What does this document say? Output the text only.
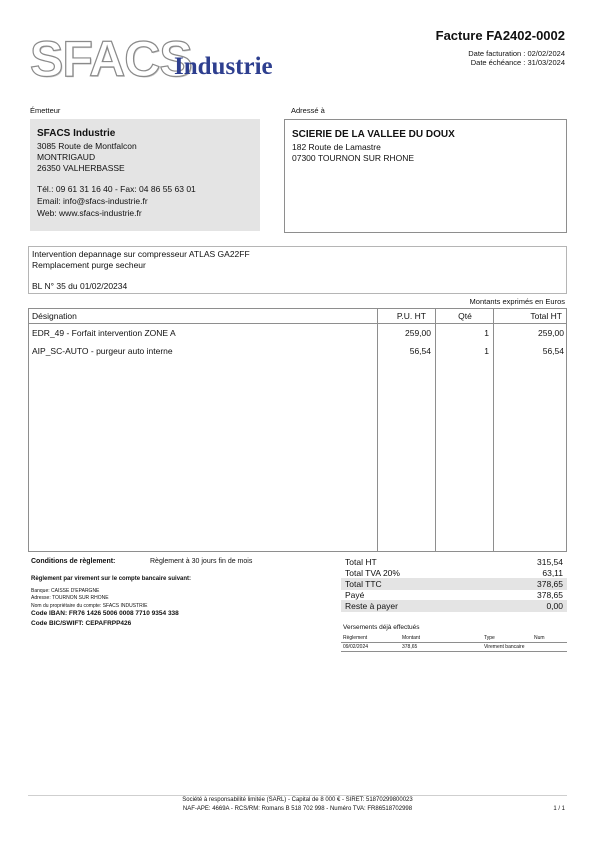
SFACS
Industrie
Facture FA2402-0002
Date facturation : 02/02/2024
Date échéance : 31/03/2024
Émetteur
SFACS Industrie
3085 Route de Montfalcon
MONTRIGAUD
26350 VALHERBASSE
Tél.: 09 61 31 16 40 - Fax: 04 86 55 63 01
Email: info@sfacs-industrie.fr
Web: www.sfacs-industrie.fr
Adressé à
SCIERIE DE LA VALLEE DU DOUX
182 Route de Lamastre
07300 TOURNON SUR RHONE
Intervention depannage sur compresseur ATLAS GA22FF
Remplacement purge secheur
BL N° 35 du 01/02/20234
Montants exprimés en Euros
Désignation	P.U. HT	Qté	Total HT
EDR_49 - Forfait intervention ZONE A	259,00	1	259,00
AIP_SC-AUTO - purgeur auto interne	56,54	1	56,54
Conditions de règlement:	Règlement à 30 jours fin de mois
Règlement par virement sur le compte bancaire suivant:
Banque: CAISSE D'EPARGNE
Adresse: TOURNON SUR RHONE
Nom du propriétaire du compte: SFACS INDUSTRIE
Code IBAN: FR76 1426 5006 0008 7710 9354 338
Code BIC/SWIFT: CEPAFRPP426
Total HT	315,54
Total TVA 20%	63,11
Total TTC	378,65
Payé	378,65
Reste à payer	0,00
Versements déjà effectués
Règlement	Montant	Type	Num
09/02/2024	378,65	Virement bancaire
Société à responsabilité limitée (SARL) - Capital de 8 000 € - SIRET: 51870299800023
NAF-APE: 4669A - RCS/RM: Romans B 518 702 998 - Numéro TVA: FR86518702998	1 / 1
